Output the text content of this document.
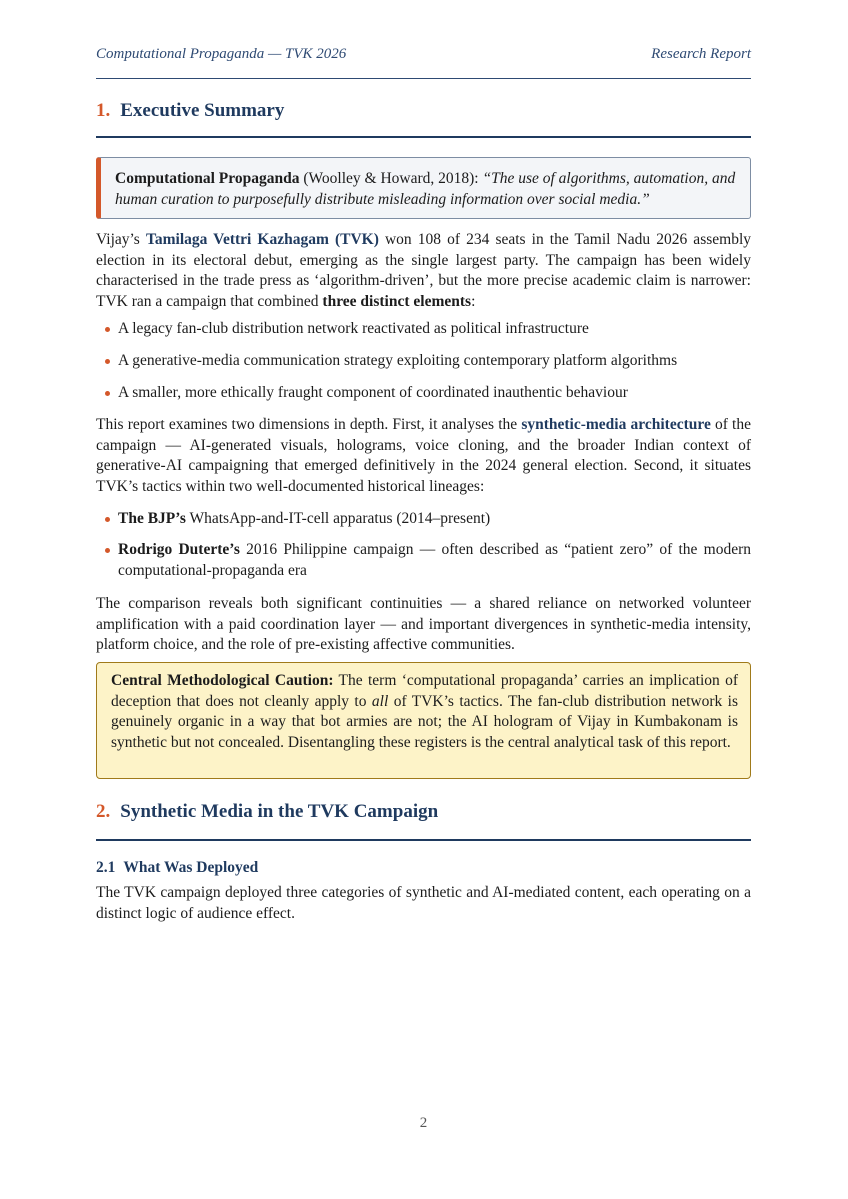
Computational Propaganda — TVK 2026	Research Report
1. Executive Summary
Computational Propaganda (Woolley & Howard, 2018): “The use of algorithms, automation, and human curation to purposefully distribute misleading information over social media.”

Vijay’s Tamilaga Vettri Kazhagam (TVK) won 108 of 234 seats in the Tamil Nadu 2026 assembly election in its electoral debut, emerging as the single largest party. The campaign has been widely characterised in the trade press as ‘algorithm-driven’, but the more precise academic claim is narrower: TVK ran a campaign that combined three distinct elements:

A legacy fan-club distribution network reactivated as political infrastructure
A generative-media communication strategy exploiting contemporary platform algorithms
A smaller, more ethically fraught component of coordinated inauthentic behaviour

This report examines two dimensions in depth. First, it analyses the synthetic-media architecture of the campaign — AI-generated visuals, holograms, voice cloning, and the broader Indian context of generative-AI campaigning that emerged definitively in the 2024 general election. Second, it situates TVK’s tactics within two well-documented historical lineages:

The BJP’s WhatsApp-and-IT-cell apparatus (2014–present)
Rodrigo Duterte’s 2016 Philippine campaign — often described as “patient zero” of the modern computational-propaganda era

The comparison reveals both significant continuities — a shared reliance on networked volunteer amplification with a paid coordination layer — and important divergences in synthetic-media intensity, platform choice, and the role of pre-existing affective communities.

Central Methodological Caution: The term ‘computational propaganda’ carries an implication of deception that does not cleanly apply to all of TVK’s tactics. The fan-club distribution network is genuinely organic in a way that bot armies are not; the AI hologram of Vijay in Kumbakonam is synthetic but not concealed. Disentangling these registers is the central analytical task of this report.
2. Synthetic Media in the TVK Campaign
2.1 What Was Deployed

The TVK campaign deployed three categories of synthetic and AI-mediated content, each operating on a distinct logic of audience effect.

2
